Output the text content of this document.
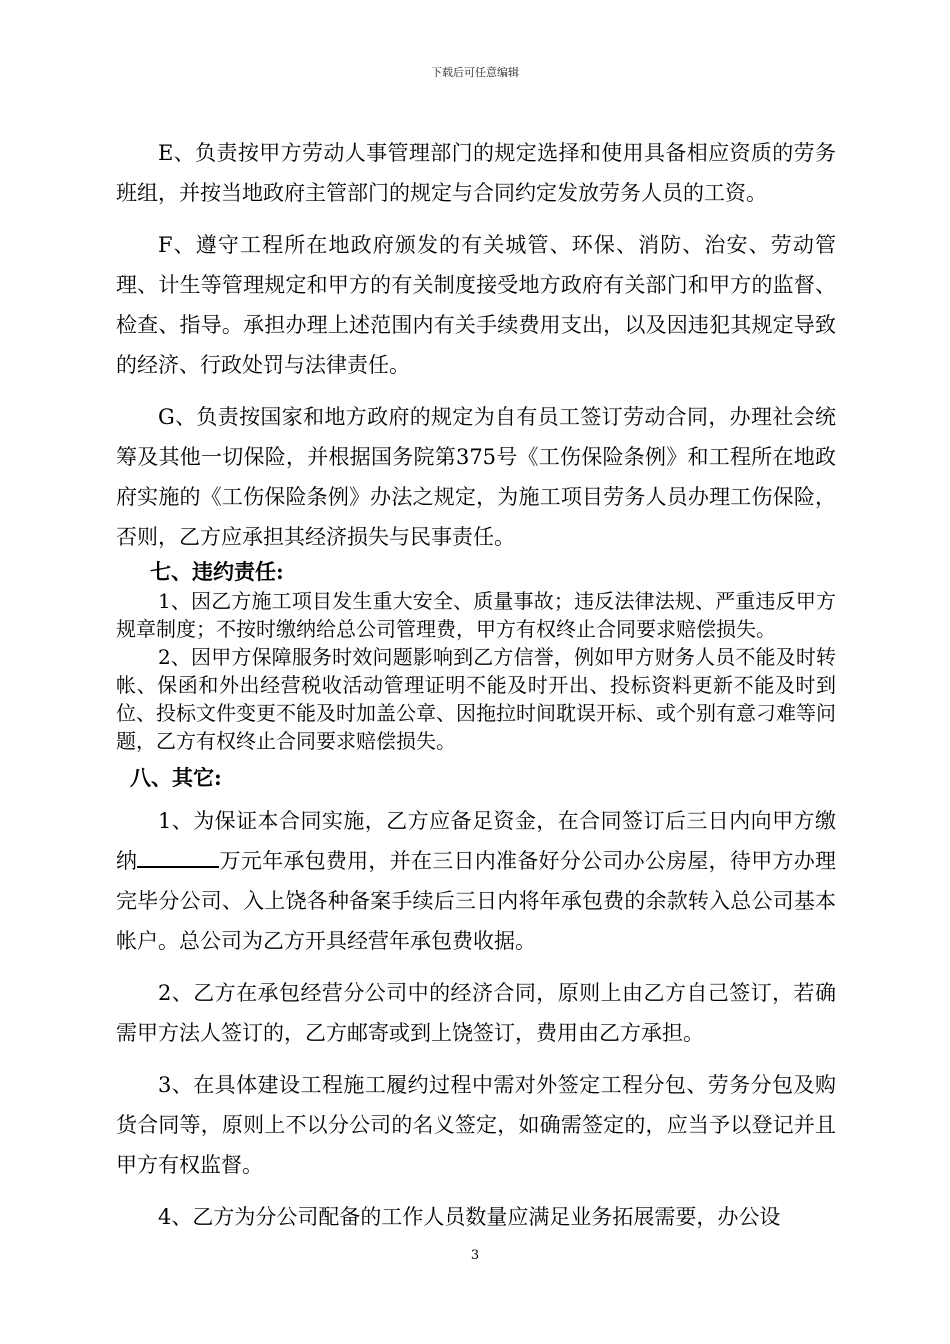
下载后可任意编辑

E、负责按甲方劳动人事管理部门的规定选择和使用具备相应资质的劳务班组，并按当地政府主管部门的规定与合同约定发放劳务人员的工资。

F、遵守工程所在地政府颁发的有关城管、环保、消防、治安、劳动管理、计生等管理规定和甲方的有关制度接受地方政府有关部门和甲方的监督、检查、指导。承担办理上述范围内有关手续费用支出，以及因违犯其规定导致的经济、行政处罚与法律责任。

G、负责按国家和地方政府的规定为自有员工签订劳动合同，办理社会统筹及其他一切保险，并根据国务院第375号《工伤保险条例》和工程所在地政府实施的《工伤保险条例》办法之规定，为施工项目劳务人员办理工伤保险，否则，乙方应承担其经济损失与民事责任。

七、违约责任:

1、因乙方施工项目发生重大安全、质量事故；违反法律法规、严重违反甲方规章制度；不按时缴纳给总公司管理费，甲方有权终止合同要求赔偿损失。

2、因甲方保障服务时效问题影响到乙方信誉，例如甲方财务人员不能及时转帐、保函和外出经营税收活动管理证明不能及时开出、投标资料更新不能及时到位、投标文件变更不能及时加盖公章、因拖拉时间耽误开标、或个别有意刁难等问题，乙方有权终止合同要求赔偿损失。

八、其它:

1、为保证本合同实施，乙方应备足资金，在合同签订后三日内向甲方缴纳	万元年承包费用，并在三日内准备好分公司办公房屋，待甲方办理完毕分公司、入上饶各种备案手续后三日内将年承包费的余款转入总公司基本帐户。总公司为乙方开具经营年承包费收据。

2、乙方在承包经营分公司中的经济合同，原则上由乙方自己签订，若确需甲方法人签订的，乙方邮寄或到上饶签订，费用由乙方承担。

3、在具体建设工程施工履约过程中需对外签定工程分包、劳务分包及购货合同等，原则上不以分公司的名义签定，如确需签定的，应当予以登记并且甲方有权监督。

4、乙方为分公司配备的工作人员数量应满足业务拓展需要，办公设

3
